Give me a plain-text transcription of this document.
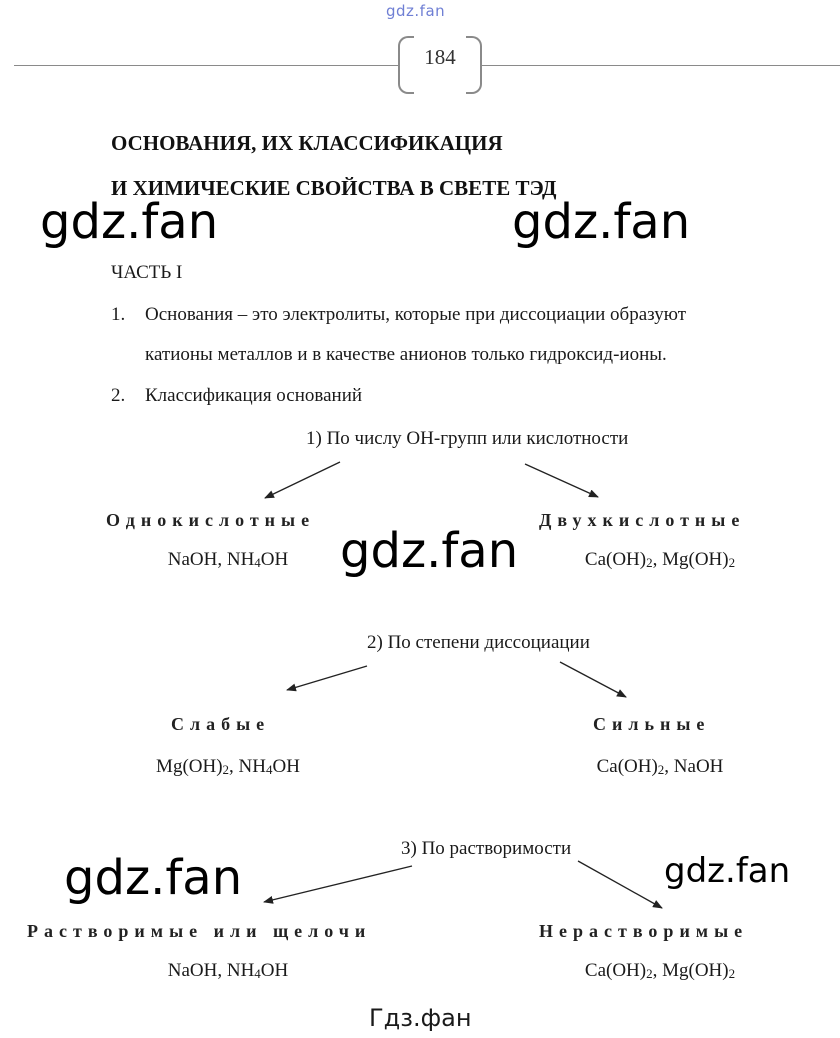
gdz.fan
184
ОСНОВАНИЯ, ИХ КЛАССИФИКАЦИЯ
И ХИМИЧЕСКИЕ СВОЙСТВА В СВЕТЕ ТЭД
ЧАСТЬ I
1. Основания – это электролиты, которые при диссоциации образуют
катионы металлов и в качестве анионов только гидроксид-ионы.
2. Классификация оснований
1) По числу ОН-групп или кислотности
Однокислотные
NaOH, $NH_4OH$
Двухкислотные
$Ca(OH)_2$, $Mg(OH)_2$
2) По степени диссоциации
Слабые
$Mg(OH)_2$, $NH_4OH$
Сильные
$Ca(OH)_2$, NaOH
3) По растворимости
Растворимые или щелочи
NaOH, $NH_4OH$
Нерастворимые
$Ca(OH)_2$, $Mg(OH)_2$
gdz.fan	gdz.fan
gdz.fan
gdz.fan	gdz.fan
Гдз.фан
